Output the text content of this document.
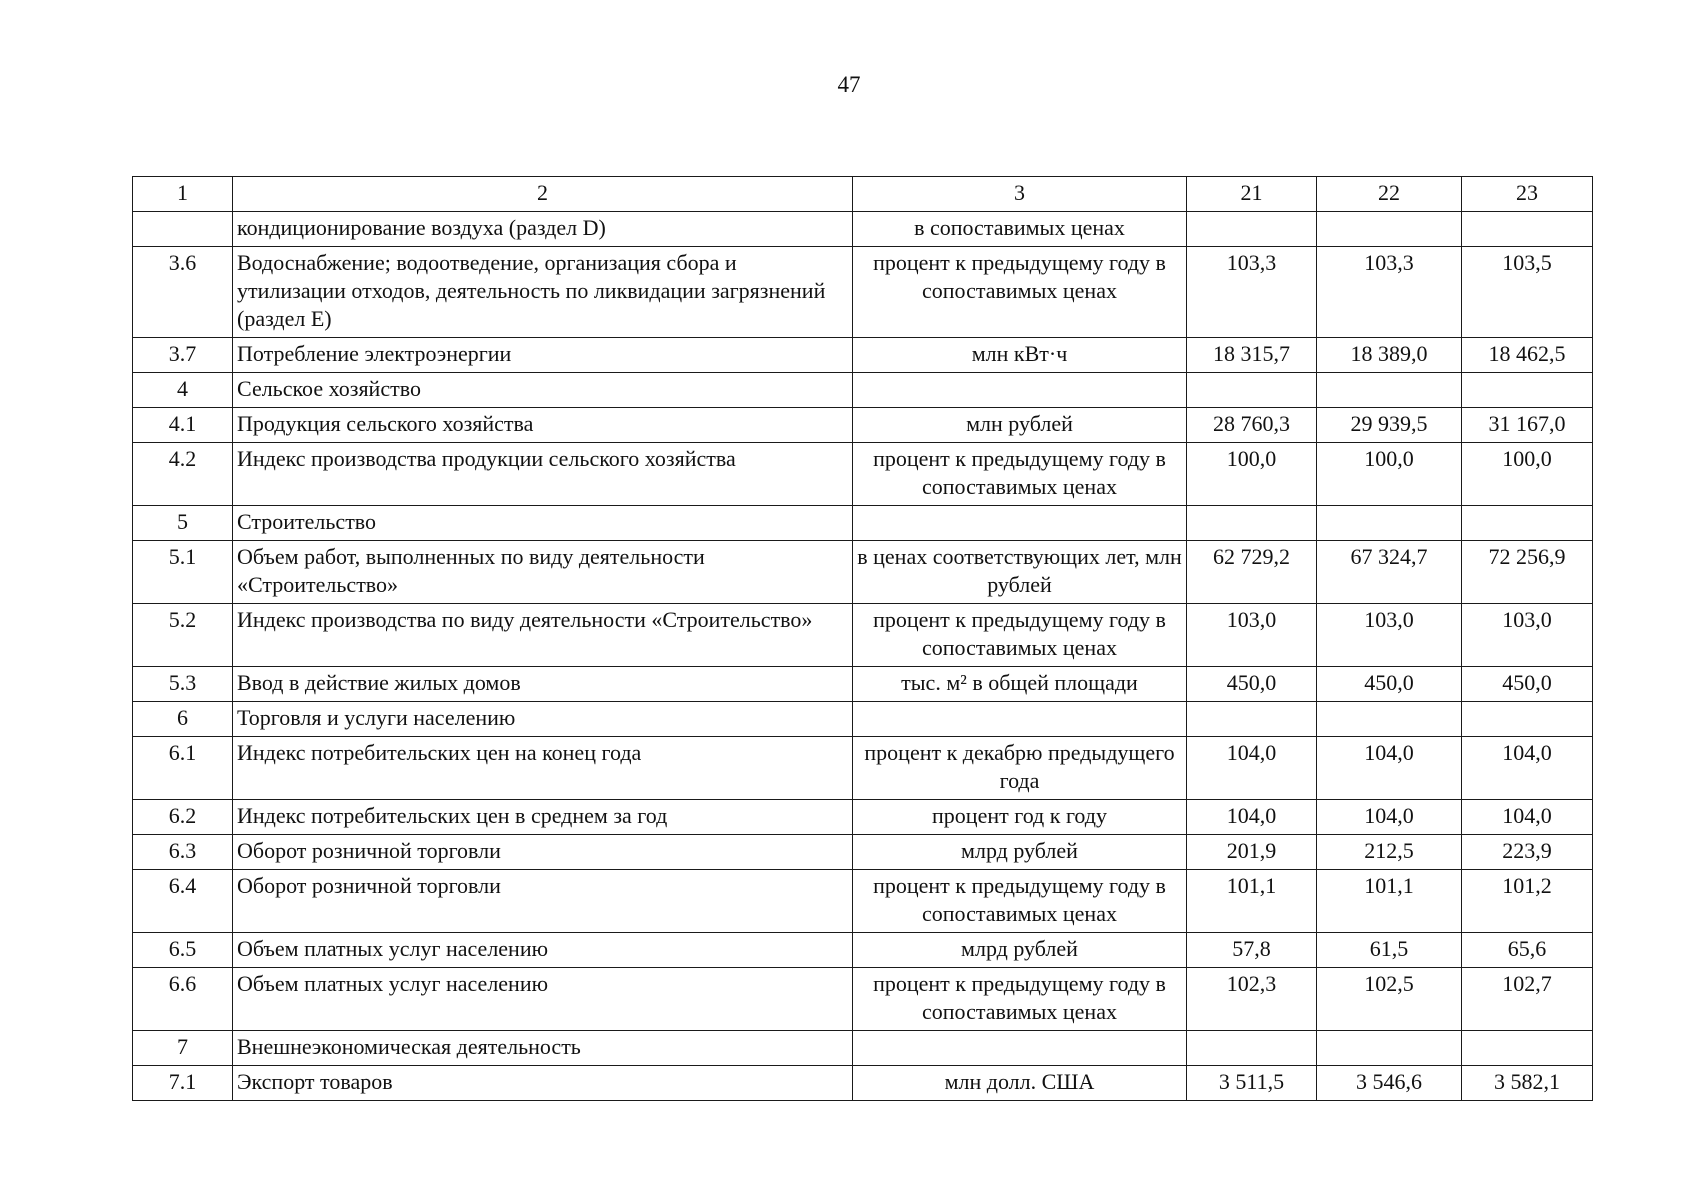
47
1	2	3	21	22	23
	кондиционирование воздуха (раздел D)	в сопоставимых ценах			
3.6	Водоснабжение; водоотведение, организация сбора и утилизации отходов, деятельность по ликвидации загрязнений (раздел E)	процент к предыдущему году в сопоставимых ценах	103,3	103,3	103,5
3.7	Потребление электроэнергии	млн кВт·ч	18 315,7	18 389,0	18 462,5
4	Сельское хозяйство				
4.1	Продукция сельского хозяйства	млн рублей	28 760,3	29 939,5	31 167,0
4.2	Индекс производства продукции сельского хозяйства	процент к предыдущему году в сопоставимых ценах	100,0	100,0	100,0
5	Строительство				
5.1	Объем работ, выполненных по виду деятельности «Строительство»	в ценах соответствующих лет, млн рублей	62 729,2	67 324,7	72 256,9
5.2	Индекс производства по виду деятельности «Строительство»	процент к предыдущему году в сопоставимых ценах	103,0	103,0	103,0
5.3	Ввод в действие жилых домов	тыс. м² в общей площади	450,0	450,0	450,0
6	Торговля и услуги населению				
6.1	Индекс потребительских цен на конец года	процент к декабрю предыдущего года	104,0	104,0	104,0
6.2	Индекс потребительских цен в среднем за год	процент год к году	104,0	104,0	104,0
6.3	Оборот розничной торговли	млрд рублей	201,9	212,5	223,9
6.4	Оборот розничной торговли	процент к предыдущему году в сопоставимых ценах	101,1	101,1	101,2
6.5	Объем платных услуг населению	млрд рублей	57,8	61,5	65,6
6.6	Объем платных услуг населению	процент к предыдущему году в сопоставимых ценах	102,3	102,5	102,7
7	Внешнеэкономическая деятельность				
7.1	Экспорт товаров	млн долл. США	3 511,5	3 546,6	3 582,1
